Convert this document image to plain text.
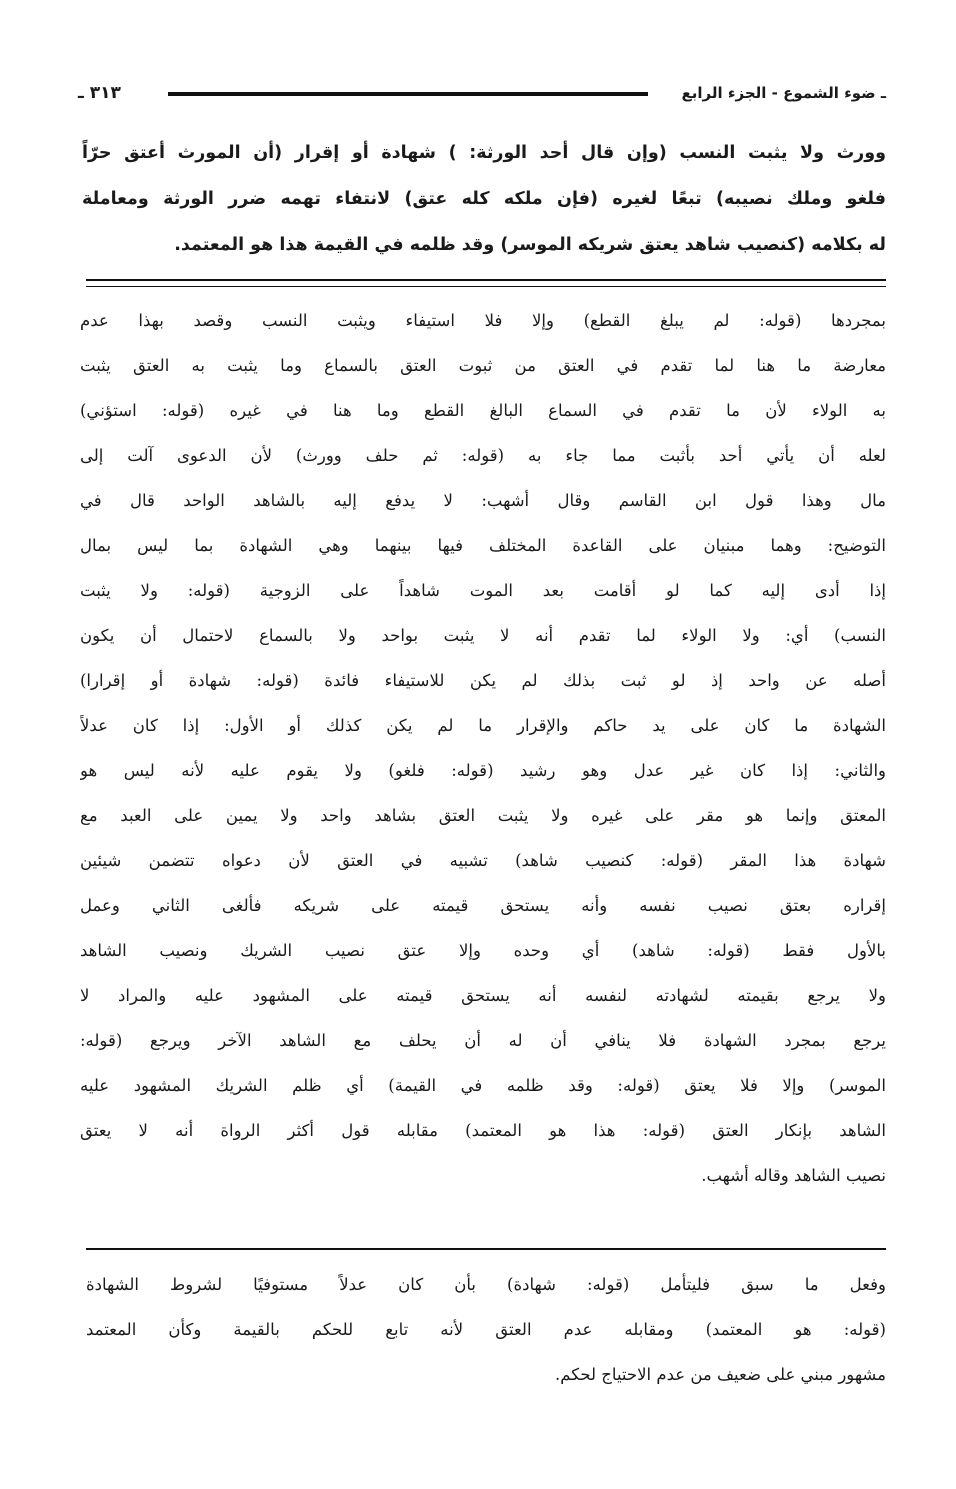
ـ ضوء الشموع - الجزء الرابع
٣١٣ ـ
وورث ولا يثبت النسب (وإن قال أحد الورثة: ) شهادة أو إقرار (أن المورث أعتق حرّاً
فلغو وملك نصيبه) تبعًا لغيره (فإن ملكه كله عتق) لانتفاء تهمه ضرر الورثة ومعاملة
له بكلامه (كنصيب شاهد يعتق شريكه الموسر) وقد ظلمه في القيمة هذا هو المعتمد.
بمجردها (قوله: لم يبلغ القطع) وإلا فلا استيفاء ويثبت النسب وقصد بهذا عدم
معارضة ما هنا لما تقدم في العتق من ثبوت العتق بالسماع وما يثبت به العتق يثبت
به الولاء لأن ما تقدم في السماع البالغ القطع وما هنا في غيره (قوله: استؤني)
لعله أن يأتي أحد بأثبت مما جاء به (قوله: ثم حلف وورث) لأن الدعوى آلت إلى
مال وهذا قول ابن القاسم وقال أشهب: لا يدفع إليه بالشاهد الواحد قال في
التوضيح: وهما مبنيان على القاعدة المختلف فيها بينهما وهي الشهادة بما ليس بمال
إذا أدى إليه كما لو أقامت بعد الموت شاهداً على الزوجية (قوله: ولا يثبت
النسب) أي: ولا الولاء لما تقدم أنه لا يثبت بواحد ولا بالسماع لاحتمال أن يكون
أصله عن واحد إذ لو ثبت بذلك لم يكن للاستيفاء فائدة (قوله: شهادة أو إقرارا)
الشهادة ما كان على يد حاكم والإقرار ما لم يكن كذلك أو الأول: إذا كان عدلاً
والثاني: إذا كان غير عدل وهو رشيد (قوله: فلغو) ولا يقوم عليه لأنه ليس هو
المعتق وإنما هو مقر على غيره ولا يثبت العتق بشاهد واحد ولا يمين على العبد مع
شهادة هذا المقر (قوله: كنصيب شاهد) تشبيه في العتق لأن دعواه تتضمن شيئين
إقراره بعتق نصيب نفسه وأنه يستحق قيمته على شريكه فألغى الثاني وعمل
بالأول فقط (قوله: شاهد) أي وحده وإلا عتق نصيب الشريك ونصيب الشاهد
ولا يرجع بقيمته لشهادته لنفسه أنه يستحق قيمته على المشهود عليه والمراد لا
يرجع بمجرد الشهادة فلا ينافي أن له أن يحلف مع الشاهد الآخر ويرجع (قوله:
الموسر) وإلا فلا يعتق (قوله: وقد ظلمه في القيمة) أي ظلم الشريك المشهود عليه
الشاهد بإنكار العتق (قوله: هذا هو المعتمد) مقابله قول أكثر الرواة أنه لا يعتق
نصيب الشاهد وقاله أشهب.
وفعل ما سبق فليتأمل (قوله: شهادة) بأن كان عدلاً مستوفيًا لشروط الشهادة
(قوله: هو المعتمد) ومقابله عدم العتق لأنه تابع للحكم بالقيمة وكأن المعتمد
مشهور مبني على ضعيف من عدم الاحتياج لحكم.
